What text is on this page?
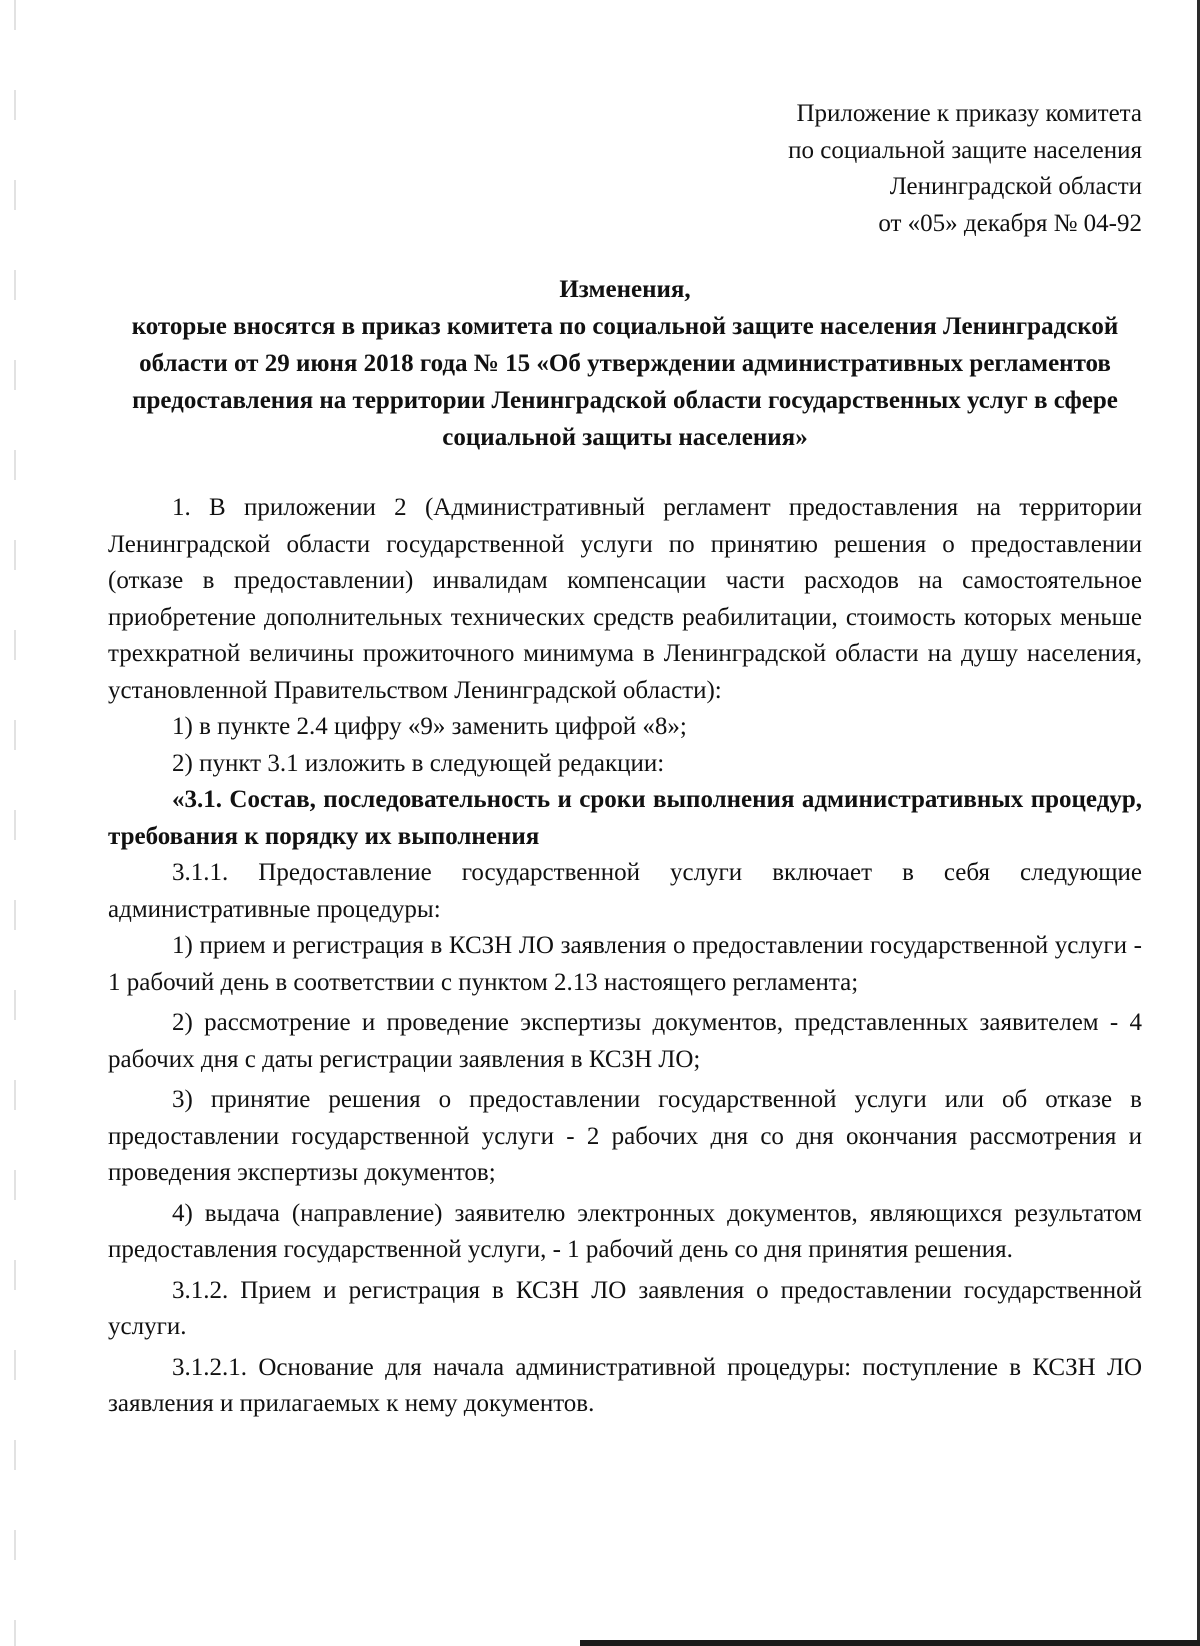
Приложение к приказу комитета
по социальной защите населения
Ленинградской области
от «05» декабря № 04-92
Изменения,
которые вносятся в приказ комитета по социальной защите населения Ленинградской области от 29 июня 2018 года № 15 «Об утверждении административных регламентов предоставления на территории Ленинградской области государственных услуг в сфере социальной защиты населения»

1. В приложении 2 (Административный регламент предоставления на территории Ленинградской области государственной услуги по принятию решения о предоставлении (отказе в предоставлении) инвалидам компенсации части расходов на самостоятельное приобретение дополнительных технических средств реабилитации, стоимость которых меньше трехкратной величины прожиточного минимума в Ленинградской области на душу населения, установленной Правительством Ленинградской области):

1) в пункте 2.4 цифру «9» заменить цифрой «8»;

2) пункт 3.1 изложить в следующей редакции:

«3.1. Состав, последовательность и сроки выполнения административных процедур, требования к порядку их выполнения

3.1.1. Предоставление государственной услуги включает в себя следующие административные процедуры:

1) прием и регистрация в КСЗН ЛО заявления о предоставлении государственной услуги - 1 рабочий день в соответствии с пунктом 2.13 настоящего регламента;

2) рассмотрение и проведение экспертизы документов, представленных заявителем - 4 рабочих дня с даты регистрации заявления в КСЗН ЛО;

3) принятие решения о предоставлении государственной услуги или об отказе в предоставлении государственной услуги - 2 рабочих дня со дня окончания рассмотрения и проведения экспертизы документов;

4) выдача (направление) заявителю электронных документов, являющихся результатом предоставления государственной услуги, - 1 рабочий день со дня принятия решения.

3.1.2. Прием и регистрация в КСЗН ЛО заявления о предоставлении государственной услуги.

3.1.2.1. Основание для начала административной процедуры: поступление в КСЗН ЛО заявления и прилагаемых к нему документов.
